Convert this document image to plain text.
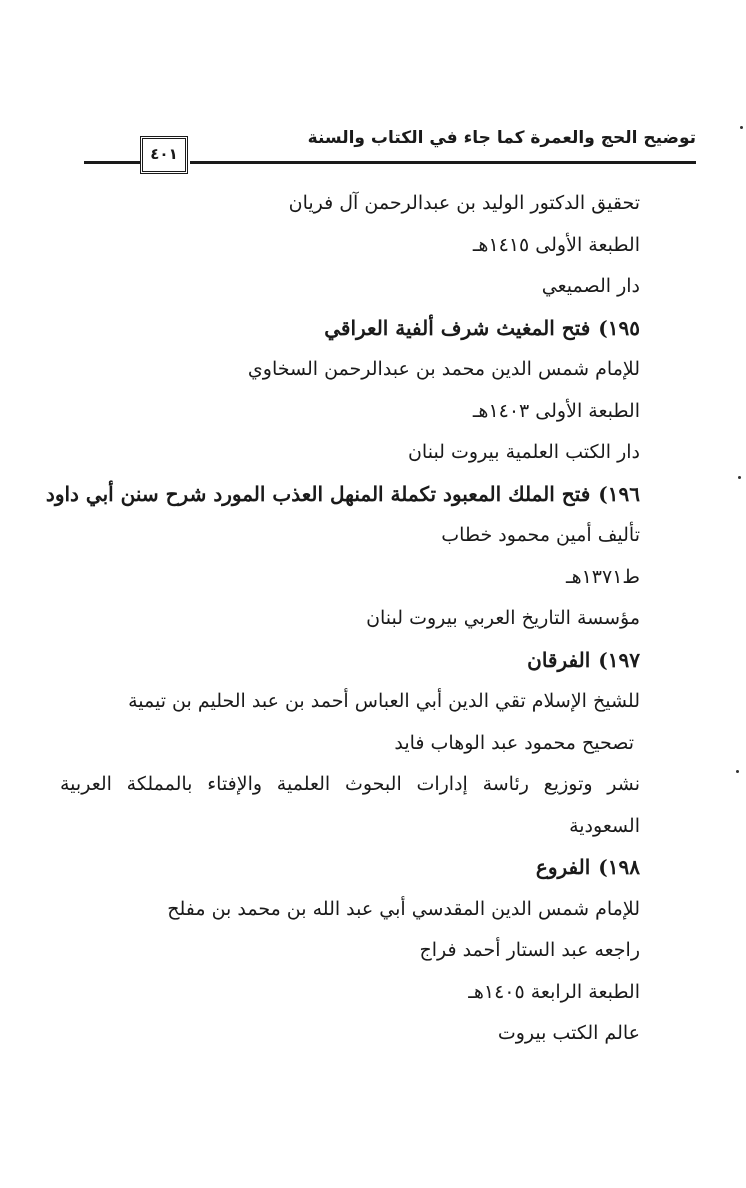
توضيح الحج والعمرة كما جاء في الكتاب والسنة
٤٠١
تحقيق الدكتور الوليد بن عبدالرحمن آل فريان
الطبعة الأولى ١٤١٥هـ
دار الصميعي
١٩٥)فتح المغيث شرف ألفية العراقي
للإمام شمس الدين محمد بن عبدالرحمن السخاوي
الطبعة الأولى ١٤٠٣هـ
دار الكتب العلمية بيروت لبنان
١٩٦)فتح الملك المعبود تكملة المنهل العذب المورد شرح سنن أبي داود
تأليف أمين محمود خطاب
ط١٣٧١هـ
مؤسسة التاريخ العربي بيروت لبنان
١٩٧)الفرقان
للشيخ الإسلام تقي الدين أبي العباس أحمد بن عبد الحليم بن تيمية
تصحيح محمود عبد الوهاب فايد
نشر وتوزيع رئاسة إدارات البحوث العلمية والإفتاء بالمملكة العربية
السعودية
١٩٨)الفروع
للإمام شمس الدين المقدسي أبي عبد الله بن محمد بن مفلح
راجعه عبد الستار أحمد فراج
الطبعة الرابعة ١٤٠٥هـ
عالم الكتب بيروت
